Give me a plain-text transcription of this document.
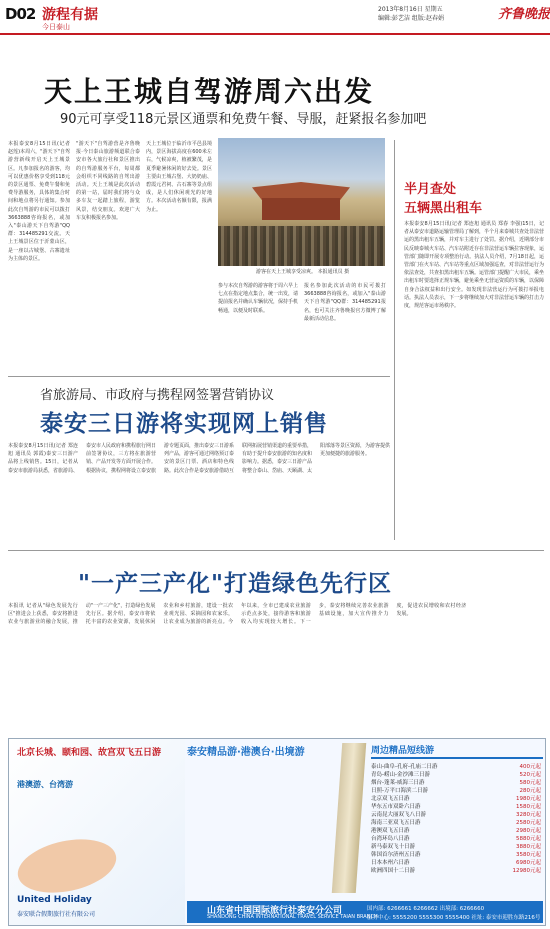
D02 游程有据
今日泰山
2013年8月16日 星期五
编辑:彭艺洁 组版:赵春娟	齐鲁晚报
天上王城自驾游周六出发
90元可享受118元景区通票和免费午餐、导服，赶紧报名参加吧
本报泰安8月15日讯(记者 赵莲)本周六，"游天下"自驾游营新线开启天上王城景区。凡参加报名的游客，均可以优惠价格享受到118元的景区通票、免费午餐和免费导游服务，具体的集合时间和地点将另行通知。参加此次自驾游的市民可以拨打3663888咨询报名，或加入"泰山游天下自驾游"QQ群：314485291交流。天上王城景区位于沂蒙山区，是一座以古城堡、古寨遗址为主体的景区。
"游天下"自驾游营是齐鲁晚报·今日泰山旅游频道联合泰安市各大旅行社和景区推出的自驾游服务平台，每周都会组织不同线路的自驾出游活动。天上王城是此次活动的第一站，届时我们将与众多车友一起踏上旅程，游览风景，结交朋友。欢迎广大车友积极报名参加。
天上王城位于临沂市平邑县境内，景区海拔高度在600米左右，气候凉爽，植被繁茂，是夏季避暑休闲的好去处。景区主要由王城古堡、大奶奶庙、碧霞元君祠、古石寨等景点组成，是人们休闲观光的好地方。本次活动名额有限，报满为止。
游客在天上王城享受凉爽。 本报通讯员 摄
参与本次自驾游的游客将于周六早上七点在指定地点集合，统一出发，请提前报名并确认车辆状况，保持手机畅通，以便及时联系。
报名参加此次活动的市民可拨打3663888咨询报名，或加入"泰山游天下自驾游"QQ群：314485291报名，也可关注齐鲁晚报官方微博了解最新活动信息。
半月查处
五辆黑出租车
本报泰安8月15日讯(记者 郑连旭 通讯员 郑春 李强)15日，记者从泰安市道路运输管理局了解到，半个月来泰城共查处非法营运的黑出租车五辆，并对车主进行了处罚。据介绍，近期部分市民反映泰城火车站、汽车站附近存在非法营运车辆拉客现象，运管部门随即开展专项整治行动。执法人员介绍，7月18日起，运管部门在火车站、汽车站等重点区域加强巡查，对非法营运行为依法查处，共查扣黑出租车五辆。运管部门提醒广大市民，乘坐出租车时要选择正规车辆，避免乘坐无营运资质的车辆，以保障自身合法权益和出行安全。如发现非法营运行为可拨打举报电话。执法人员表示，下一步将继续加大对非法营运车辆的打击力度，规范客运市场秩序。
省旅游局、市政府与携程网签署营销协议
泰安三日游将实现网上销售
本报泰安8月15日讯(记者 郑连旭 通讯员 郭霞)泰安三日游产品将上线销售。15日，记者从泰安市旅游局获悉，省旅游局、泰安市人民政府和携程旅行网日前签署协议，三方将在旅游营销、产品开发等方面开展合作。根据协议，携程网将设立泰安旅游专题页面，推出泰安三日游系列产品，游客可通过网络预订泰安的景区门票、酒店和特色线路。此次合作是泰安旅游借助互联网拓展营销渠道的重要举措，有助于提升泰安旅游的知名度和影响力。据悉，泰安三日游产品将整合泰山、岱庙、天颐湖、太阳部落等景区资源，为游客提供更加便捷的旅游服务。
"一产三产化"打造绿色先行区
本报讯 记者从"绿色发展先行区"推进会上获悉，泰安将推进农业与旅游业的融合发展，推动"一产三产化"，打造绿色发展先行区。据介绍，泰安市将依托丰富的农业资源，发展休闲农业和乡村旅游，建设一批农业观光园、采摘园和农家乐，让农业成为旅游的新亮点。今年以来，全市已建成农业旅游示范点多处，接待游客和旅游收入均实现较大增长。下一步，泰安将继续完善农业旅游基础设施，加大宣传推介力度，促进农民增收和农村经济发展。
北京长城、颐和园、故宫双飞五日游
港澳游、台湾游
United Holiday
泰安联合假期旅行社有限公司
泰安精品游·港澳台·出境游	周边精品短线游
泰山-曲阜-孔府-孔庙二日游	400元起
青岛-崂山-金沙滩三日游	520元起
烟台-蓬莱-威海三日游	580元起
日照-万平口海滨二日游	280元起
北京双飞五日游	1980元起
华东五市双卧六日游	1580元起
云南昆大丽双飞八日游	3280元起
海南三亚双飞五日游	2580元起
港澳双飞五日游	2980元起
台湾环岛八日游	5880元起
新马泰双飞十日游	3880元起
韩国首尔济州五日游	3580元起
日本本州六日游	6980元起
欧洲四国十二日游	12980元起
山东省中国国际旅行社泰安分公司
SHANDONG CHINA INTERNATIONAL TRAVEL SERVICE TAIAN BRANCH
国内部: 6266661 6266662 出境部: 6266660
服务中心: 5555200 5555300 5555400 社址: 泰安市迎胜东路216号
